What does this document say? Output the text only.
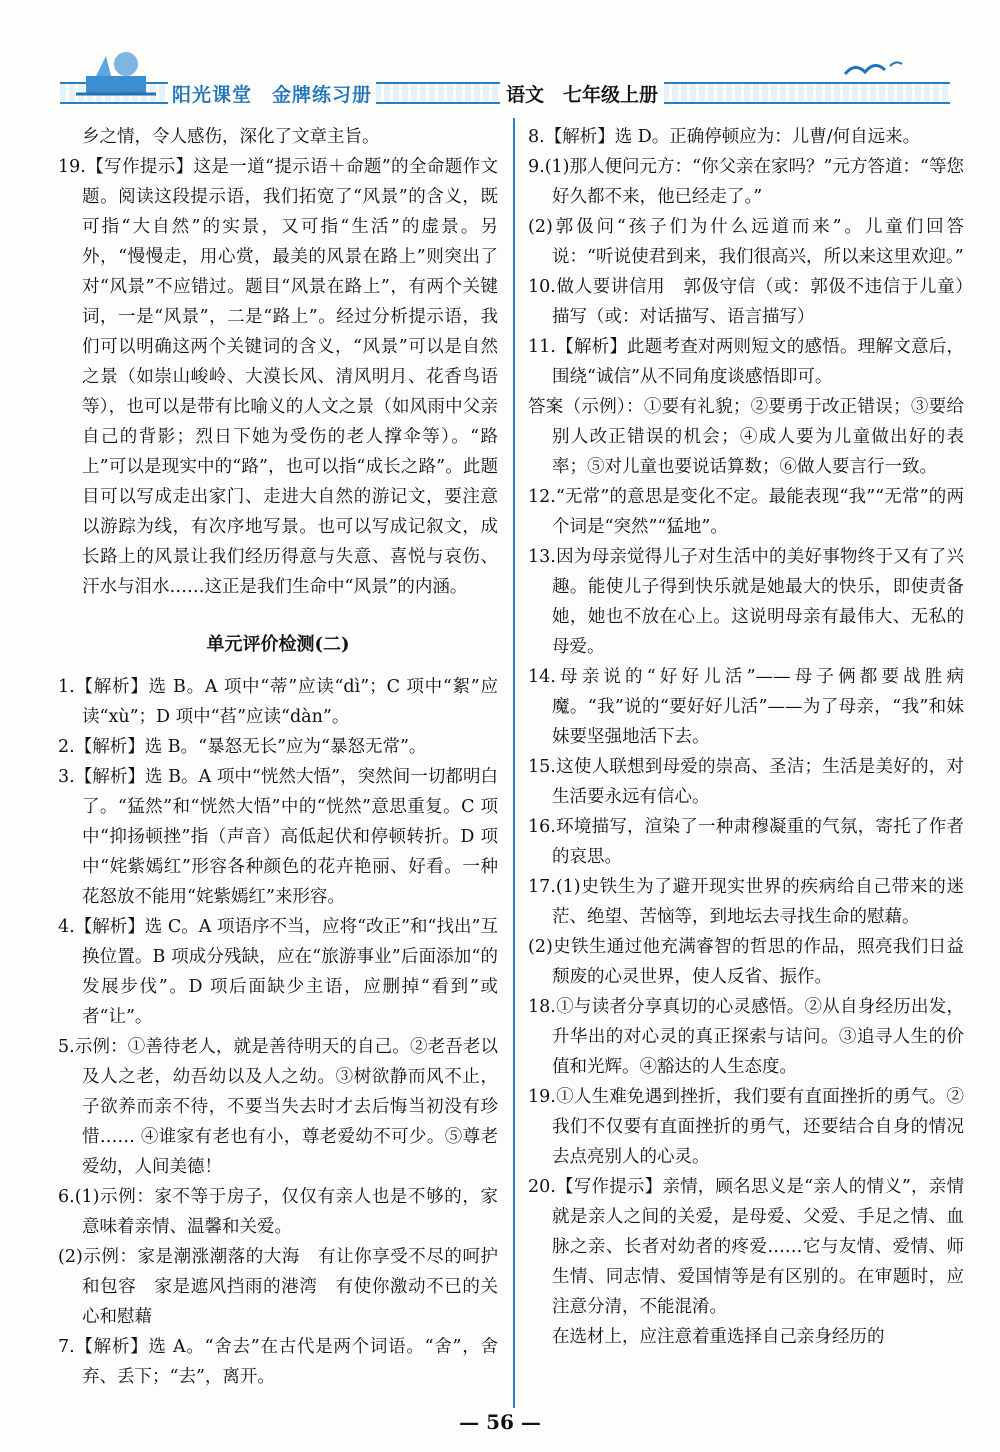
阳光课堂　金牌练习册	语文　七年级上册

乡之情，令人感伤，深化了文章主旨。

19.【写作提示】这是一道“提示语＋命题”的全命题作文题。阅读这段提示语，我们拓宽了“风景”的含义，既可指“大自然”的实景，又可指“生活”的虚景。另外，“慢慢走，用心赏，最美的风景在路上”则突出了对“风景”不应错过。题目“风景在路上”，有两个关键词，一是“风景”，二是“路上”。经过分析提示语，我们可以明确这两个关键词的含义，“风景”可以是自然之景（如崇山峻岭、大漠长风、清风明月、花香鸟语等），也可以是带有比喻义的人文之景（如风雨中父亲自己的背影；烈日下她为受伤的老人撑伞等）。“路上”可以是现实中的“路”，也可以指“成长之路”。此题目可以写成走出家门、走进大自然的游记文，要注意以游踪为线，有次序地写景。也可以写成记叙文，成长路上的风景让我们经历得意与失意、喜悦与哀伤、汗水与泪水……这正是我们生命中“风景”的内涵。

单元评价检测(二)

1.【解析】选 B。A 项中“蒂”应读“dì”；C 项中“絮”应读“xù”；D 项中“萏”应读“dàn”。

2.【解析】选 B。“暴怒无长”应为“暴怒无常”。

3.【解析】选 B。A 项中“恍然大悟”，突然间一切都明白了。“猛然”和“恍然大悟”中的“恍然”意思重复。C 项中“抑扬顿挫”指（声音）高低起伏和停顿转折。D 项中“姹紫嫣红”形容各种颜色的花卉艳丽、好看。一种花怒放不能用“姹紫嫣红”来形容。

4.【解析】选 C。A 项语序不当，应将“改正”和“找出”互换位置。B 项成分残缺，应在“旅游事业”后面添加“的发展步伐”。D 项后面缺少主语，应删掉“看到”或者“让”。

5.示例：①善待老人，就是善待明天的自己。②老吾老以及人之老，幼吾幼以及人之幼。③树欲静而风不止，子欲养而亲不待，不要当失去时才去后悔当初没有珍惜…… ④谁家有老也有小，尊老爱幼不可少。⑤尊老爱幼，人间美德！

6.(1)示例：家不等于房子，仅仅有亲人也是不够的，家意味着亲情、温馨和关爱。

(2)示例：家是潮涨潮落的大海　有让你享受不尽的呵护和包容　家是遮风挡雨的港湾　有使你激动不已的关心和慰藉

7.【解析】选 A。“舍去”在古代是两个词语。“舍”，舍弃、丢下；“去”，离开。

8.【解析】选 D。正确停顿应为：儿曹/何自远来。

9.(1)那人便问元方：“你父亲在家吗？”元方答道：“等您好久都不来，他已经走了。”

(2)郭伋问“孩子们为什么远道而来”。儿童们回答说：“听说使君到来，我们很高兴，所以来这里欢迎。”

10.做人要讲信用　郭伋守信（或：郭伋不违信于儿童）　描写（或：对话描写、语言描写）

11.【解析】此题考查对两则短文的感悟。理解文意后，围绕“诚信”从不同角度谈感悟即可。

答案（示例）：①要有礼貌；②要勇于改正错误；③要给别人改正错误的机会；④成人要为儿童做出好的表率；⑤对儿童也要说话算数；⑥做人要言行一致。

12.“无常”的意思是变化不定。最能表现“我”“无常”的两个词是“突然”“猛地”。

13.因为母亲觉得儿子对生活中的美好事物终于又有了兴趣。能使儿子得到快乐就是她最大的快乐，即使责备她，她也不放在心上。这说明母亲有最伟大、无私的母爱。

14.母亲说的“好好儿活”——母子俩都要战胜病魔。“我”说的“要好好儿活”——为了母亲，“我”和妹妹要坚强地活下去。

15.这使人联想到母爱的崇高、圣洁；生活是美好的，对生活要永远有信心。

16.环境描写，渲染了一种肃穆凝重的气氛，寄托了作者的哀思。

17.(1)史铁生为了避开现实世界的疾病给自己带来的迷茫、绝望、苦恼等，到地坛去寻找生命的慰藉。

(2)史铁生通过他充满睿智的哲思的作品，照亮我们日益颓废的心灵世界，使人反省、振作。

18.①与读者分享真切的心灵感悟。②从自身经历出发，升华出的对心灵的真正探索与诘问。③追寻人生的价值和光辉。④豁达的人生态度。

19.①人生难免遇到挫折，我们要有直面挫折的勇气。②我们不仅要有直面挫折的勇气，还要结合自身的情况去点亮别人的心灵。

20.【写作提示】亲情，顾名思义是“亲人的情义”，亲情就是亲人之间的关爱，是母爱、父爱、手足之情、血脉之亲、长者对幼者的疼爱……它与友情、爱情、师生情、同志情、爱国情等是有区别的。在审题时，应注意分清，不能混淆。

在选材上，应注意着重选择自己亲身经历的

— 56 —
